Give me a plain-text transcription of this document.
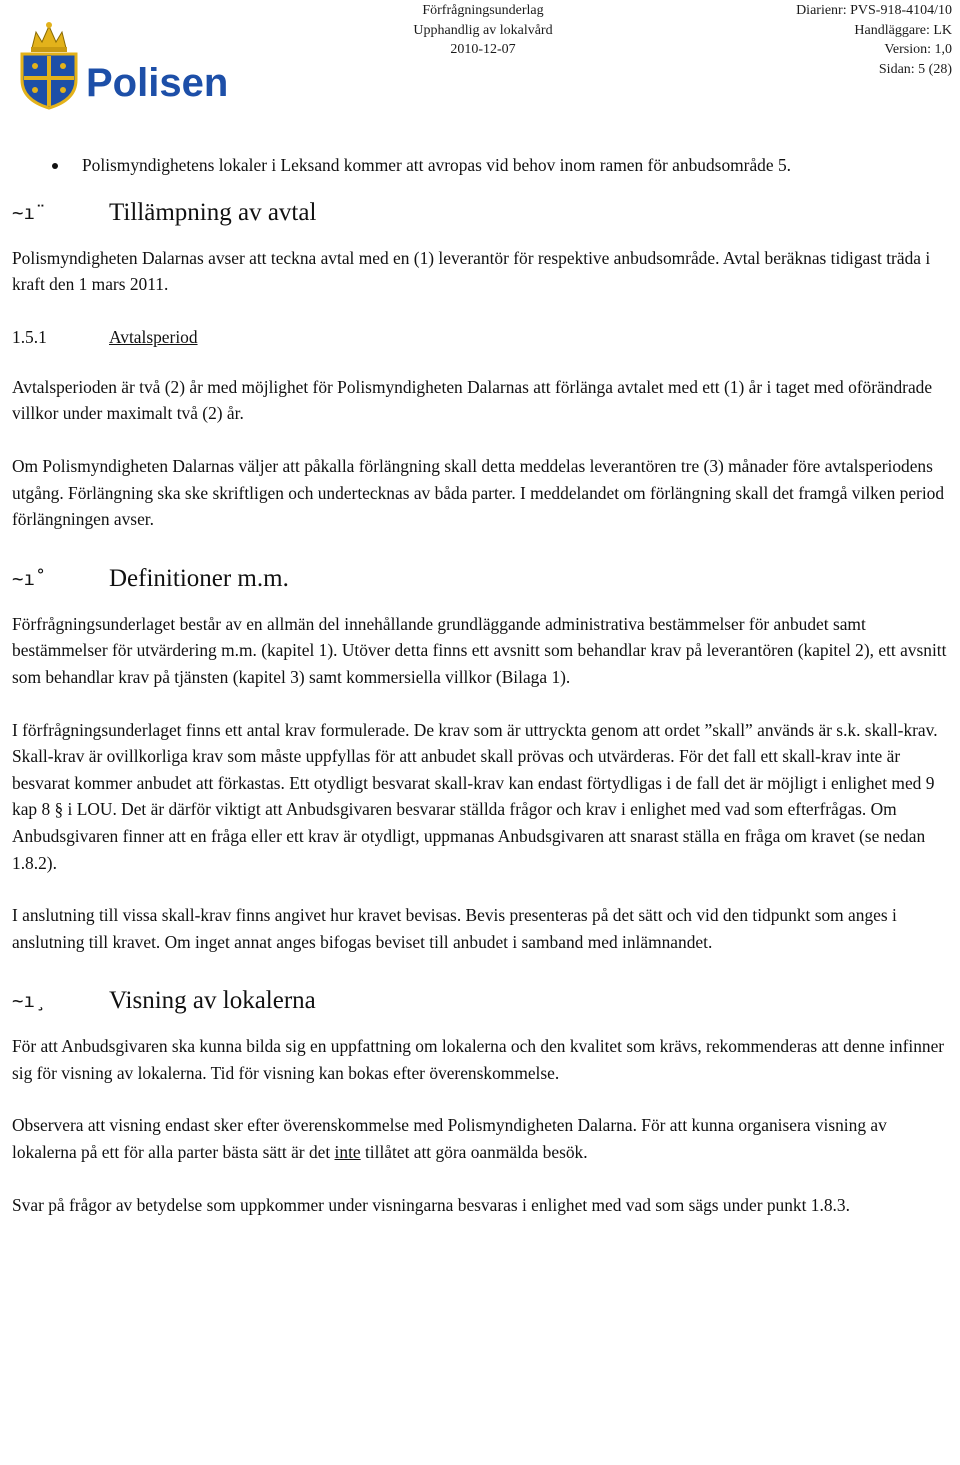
Polisen
Förfrågningsunderlag
Upphandlig av lokalvård
2010-12-07
Diarienr: PVS-918-4104/10
Handläggare: LK
Version: 1,0
Sidan: 5 (28)

Polismyndighetens lokaler i Leksand kommer att avropas vid behov inom ramen för anbudsområde 5.

~ı¨	Tillämpning av avtal

Polismyndigheten Dalarnas avser att teckna avtal med en (1) leverantör för respektive anbudsområde. Avtal beräknas tidigast träda i kraft den 1 mars 2011.

1.5.1	Avtalsperiod

Avtalsperioden är två (2) år med möjlighet för Polismyndigheten Dalarnas att förlänga avtalet med ett (1) år i taget med oförändrade villkor under maximalt två (2) år.

Om Polismyndigheten Dalarnas väljer att påkalla förlängning skall detta meddelas leverantören tre (3) månader före avtalsperiodens utgång. Förlängning ska ske skriftligen och undertecknas av båda parter. I meddelandet om förlängning skall det framgå vilken period förlängningen avser.

~ı˚	Definitioner m.m.

Förfrågningsunderlaget består av en allmän del innehållande grundläggande administrativa bestämmelser för anbudet samt bestämmelser för utvärdering m.m. (kapitel 1). Utöver detta finns ett avsnitt som behandlar krav på leverantören (kapitel 2), ett avsnitt som behandlar krav på tjänsten (kapitel 3) samt kommersiella villkor (Bilaga 1).

I förfrågningsunderlaget finns ett antal krav formulerade. De krav som är uttryckta genom att ordet ”skall” används är s.k. skall-krav. Skall-krav är ovillkorliga krav som måste uppfyllas för att anbudet skall prövas och utvärderas. För det fall ett skall-krav inte är besvarat kommer anbudet att förkastas. Ett otydligt besvarat skall-krav kan endast förtydligas i de fall det är möjligt i enlighet med 9 kap 8 § i LOU. Det är därför viktigt att Anbudsgivaren besvarar ställda frågor och krav i enlighet med vad som efterfrågas. Om Anbudsgivaren finner att en fråga eller ett krav är otydligt, uppmanas Anbudsgivaren att snarast ställa en fråga om kravet (se nedan 1.8.2).

I anslutning till vissa skall-krav finns angivet hur kravet bevisas. Bevis presenteras på det sätt och vid den tidpunkt som anges i anslutning till kravet. Om inget annat anges bifogas beviset till anbudet i samband med inlämnandet.

~ı¸	Visning av lokalerna

För att Anbudsgivaren ska kunna bilda sig en uppfattning om lokalerna och den kvalitet som krävs, rekommenderas att denne infinner sig för visning av lokalerna. Tid för visning kan bokas efter överenskommelse.

Observera att visning endast sker efter överenskommelse med Polismyndigheten Dalarna. För att kunna organisera visning av lokalerna på ett för alla parter bästa sätt är det inte tillåtet att göra oanmälda besök.

Svar på frågor av betydelse som uppkommer under visningarna besvaras i enlighet med vad som sägs under punkt 1.8.3.
